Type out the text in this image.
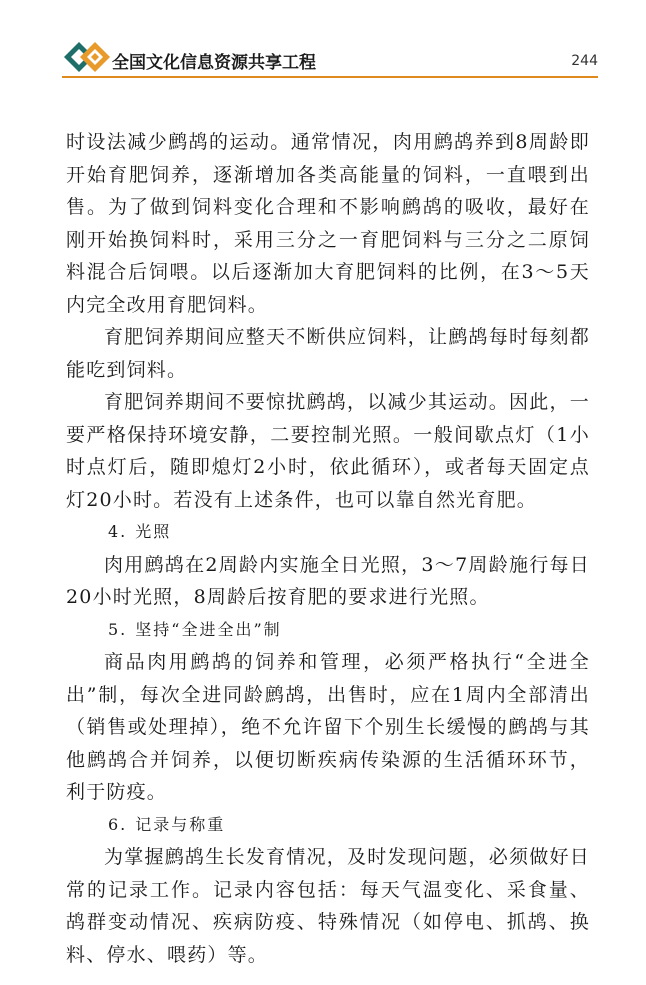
全国文化信息资源共享工程	244

时设法减少鹧鸪的运动。通常情况，肉用鹧鸪养到8周龄即开始育肥饲养，逐渐增加各类高能量的饲料，一直喂到出售。为了做到饲料变化合理和不影响鹧鸪的吸收，最好在刚开始换饲料时，采用三分之一育肥饲料与三分之二原饲料混合后饲喂。以后逐渐加大育肥饲料的比例，在3～5天内完全改用育肥饲料。

育肥饲养期间应整天不断供应饲料，让鹧鸪每时每刻都能吃到饲料。

育肥饲养期间不要惊扰鹧鸪，以减少其运动。因此，一要严格保持环境安静，二要控制光照。一般间歇点灯（1小时点灯后，随即熄灯2小时，依此循环），或者每天固定点灯20小时。若没有上述条件，也可以靠自然光育肥。

4. 光照

肉用鹧鸪在2周龄内实施全日光照，3～7周龄施行每日20小时光照，8周龄后按育肥的要求进行光照。

5. 坚持“全进全出”制

商品肉用鹧鸪的饲养和管理，必须严格执行“全进全出”制，每次全进同龄鹧鸪，出售时，应在1周内全部清出（销售或处理掉），绝不允许留下个别生长缓慢的鹧鸪与其他鹧鸪合并饲养，以便切断疾病传染源的生活循环环节，利于防疫。

6. 记录与称重

为掌握鹧鸪生长发育情况，及时发现问题，必须做好日常的记录工作。记录内容包括：每天气温变化、采食量、鸪群变动情况、疾病防疫、特殊情况（如停电、抓鸪、换料、停水、喂药）等。
